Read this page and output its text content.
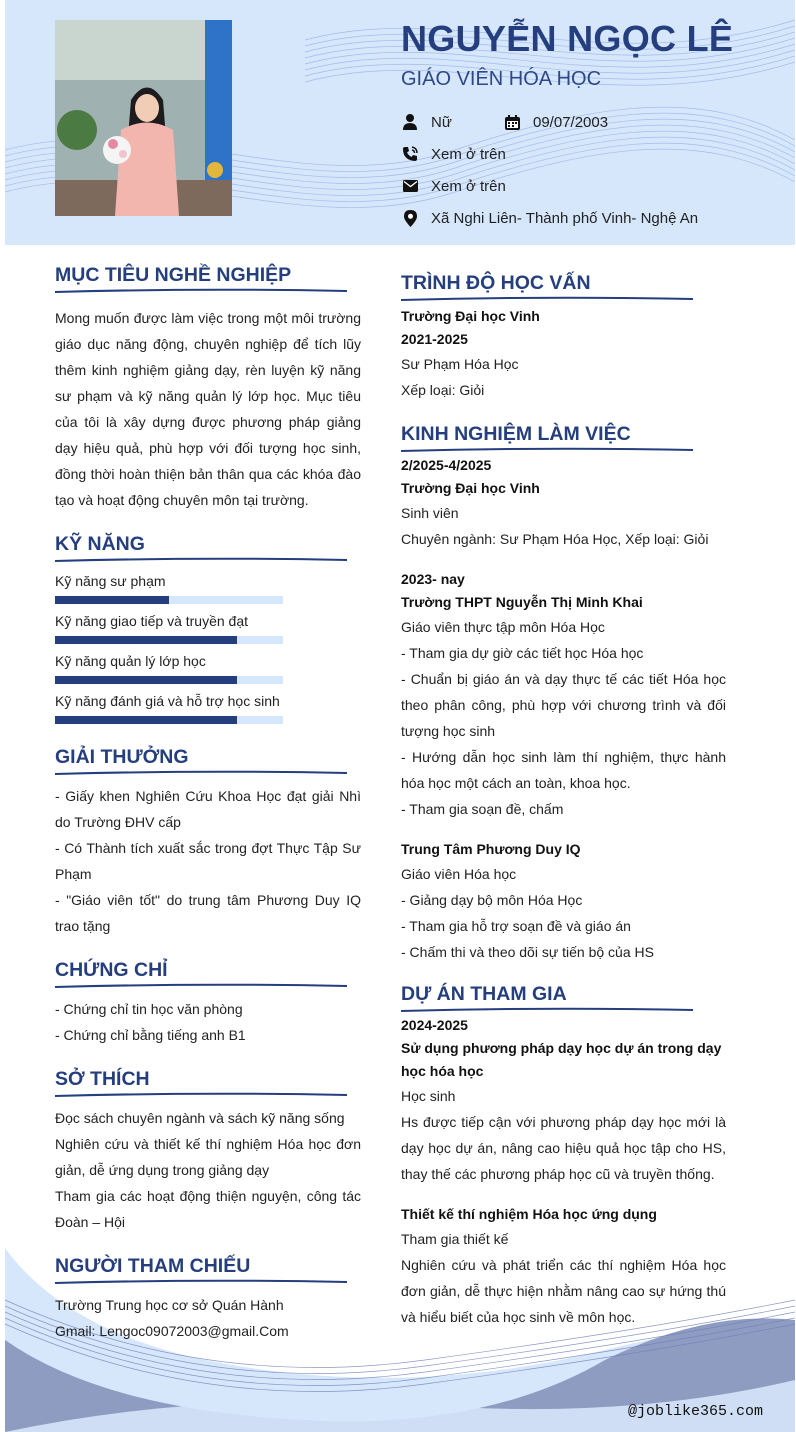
NGUYỄN NGỌC LÊ
GIÁO VIÊN HÓA HỌC
Nữ	09/07/2003
Xem ở trên
Xem ở trên
Xã Nghi Liên- Thành phố Vinh- Nghệ An
MỤC TIÊU NGHỀ NGHIỆP
Mong muốn được làm việc trong một môi trường giáo dục năng động, chuyên nghiệp để tích lũy thêm kinh nghiệm giảng dạy, rèn luyện kỹ năng sư phạm và kỹ năng quản lý lớp học. Mục tiêu của tôi là xây dựng được phương pháp giảng dạy hiệu quả, phù hợp với đối tượng học sinh, đồng thời hoàn thiện bản thân qua các khóa đào tạo và hoạt động chuyên môn tại trường.
KỸ NĂNG
Kỹ năng sư phạm
Kỹ năng giao tiếp và truyền đạt
Kỹ năng quản lý lớp học
Kỹ năng đánh giá và hỗ trợ học sinh
GIẢI THƯỞNG
- Giấy khen Nghiên Cứu Khoa Học đạt giải Nhì do Trường ĐHV cấp
- Có Thành tích xuất sắc trong đợt Thực Tập Sư Phạm
- "Giáo viên tốt" do trung tâm Phương Duy IQ trao tặng
CHỨNG CHỈ
- Chứng chỉ tin học văn phòng
- Chứng chỉ bằng tiếng anh B1
SỞ THÍCH
Đọc sách chuyên ngành và sách kỹ năng sống
Nghiên cứu và thiết kế thí nghiệm Hóa học đơn giản, dễ ứng dụng trong giảng dạy
Tham gia các hoạt động thiện nguyện, công tác Đoàn – Hội
NGƯỜI THAM CHIẾU
Trường Trung học cơ sở Quán Hành
Gmail: Lengoc09072003@gmail.Com
TRÌNH ĐỘ HỌC VẤN
Trường Đại học Vinh
2021-2025
Sư Phạm Hóa Học
Xếp loại: Giỏi
KINH NGHIỆM LÀM VIỆC
2/2025-4/2025
Trường Đại học Vinh
Sinh viên
Chuyên ngành: Sư Phạm Hóa Học, Xếp loại: Giỏi
2023- nay
Trường THPT Nguyễn Thị Minh Khai
Giáo viên thực tập môn Hóa Học
- Tham gia dự giờ các tiết học Hóa học
- Chuẩn bị giáo án và dạy thực tế các tiết Hóa học theo phân công, phù hợp với chương trình và đối tượng học sinh
- Hướng dẫn học sinh làm thí nghiệm, thực hành hóa học một cách an toàn, khoa học.
- Tham gia soạn đề, chấm
Trung Tâm Phương Duy IQ
Giáo viên Hóa học
- Giảng dạy bộ môn Hóa Học
- Tham gia hỗ trợ soạn đề và giáo án
- Chấm thi và theo dõi sự tiến bộ của HS
DỰ ÁN THAM GIA
2024-2025
Sử dụng phương pháp dạy học dự án trong dạy học hóa học
Học sinh
Hs được tiếp cận với phương pháp dạy học mới là dạy học dự án, nâng cao hiệu quả học tập cho HS, thay thế các phương pháp học cũ và truyền thống.
Thiết kế thí nghiệm Hóa học ứng dụng
Tham gia thiết kế
Nghiên cứu và phát triển các thí nghiệm Hóa học đơn giản, dễ thực hiện nhằm nâng cao sự hứng thú và hiểu biết của học sinh về môn học.
@joblike365.com
